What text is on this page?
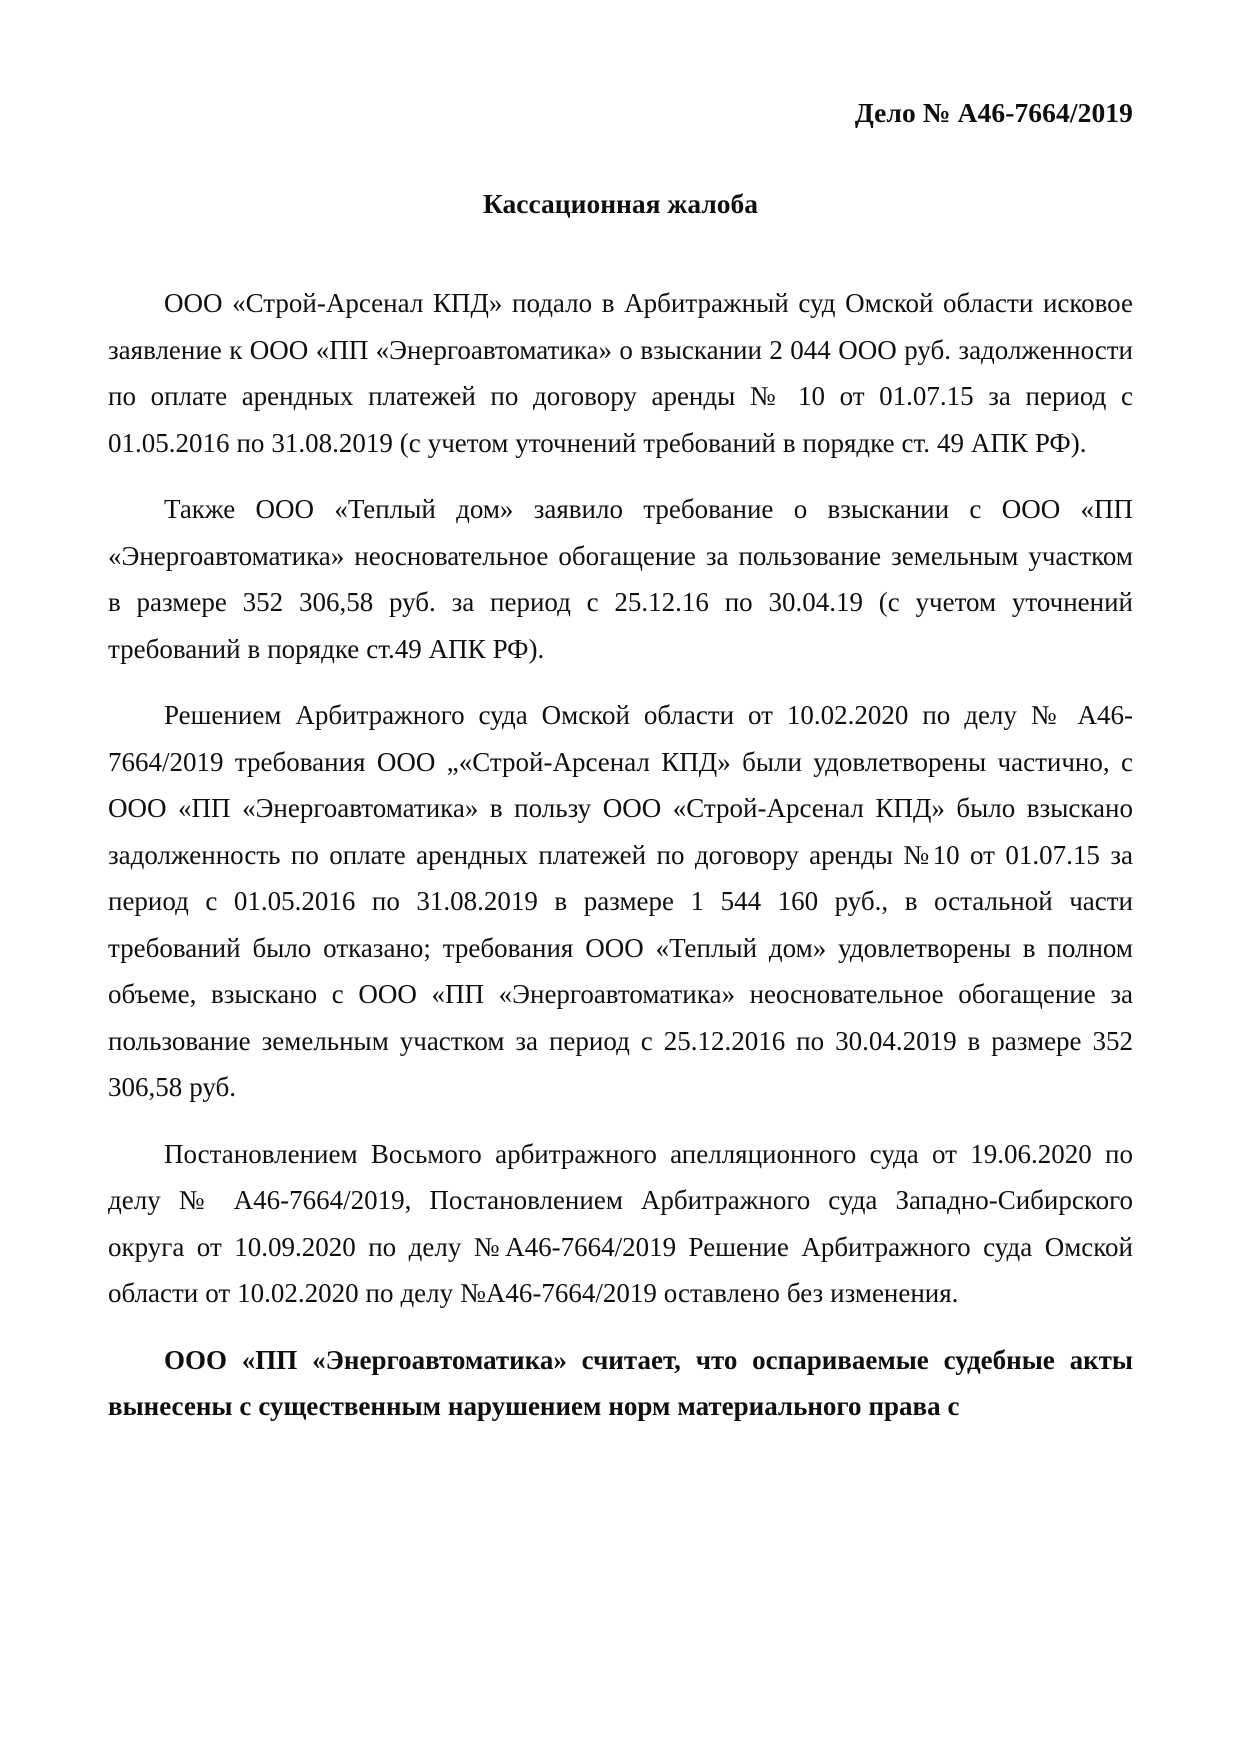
Дело № А46-7664/2019
Кассационная жалоба

ООО «Строй-Арсенал КПД» подало в Арбитражный суд Омской области исковое заявление к ООО «ПП «Энергоавтоматика» о взыскании 2 044 ООО руб. задолженности по оплате арендных платежей по договору аренды № 10 от 01.07.15 за период с 01.05.2016 по 31.08.2019 (с учетом уточнений требований в порядке ст. 49 АПК РФ).

Также ООО «Теплый дом» заявило требование о взыскании с ООО «ПП «Энергоавтоматика» неосновательное обогащение за пользование земельным участком в размере 352 306,58 руб. за период с 25.12.16 по 30.04.19 (с учетом уточнений требований в порядке ст.49 АПК РФ).

Решением Арбитражного суда Омской области от 10.02.2020 по делу № А46-7664/2019 требования ООО „«Строй-Арсенал КПД» были удовлетворены частично, с ООО «ПП «Энергоавтоматика» в пользу ООО «Строй-Арсенал КПД» было взыскано задолженность по оплате арендных платежей по договору аренды №10 от 01.07.15 за период с 01.05.2016 по 31.08.2019 в размере 1 544 160 руб., в остальной части требований было отказано; требования ООО «Теплый дом» удовлетворены в полном объеме, взыскано с ООО «ПП «Энергоавтоматика» неосновательное обогащение за пользование земельным участком за период с 25.12.2016 по 30.04.2019 в размере 352 306,58 руб.

Постановлением Восьмого арбитражного апелляционного суда от 19.06.2020 по делу № А46-7664/2019, Постановлением Арбитражного суда Западно-Сибирского округа от 10.09.2020 по делу №А46-7664/2019 Решение Арбитражного суда Омской области от 10.02.2020 по делу №А46-7664/2019 оставлено без изменения.

ООО «ПП «Энергоавтоматика» считает, что оспариваемые судебные акты вынесены с существенным нарушением норм материального права с
